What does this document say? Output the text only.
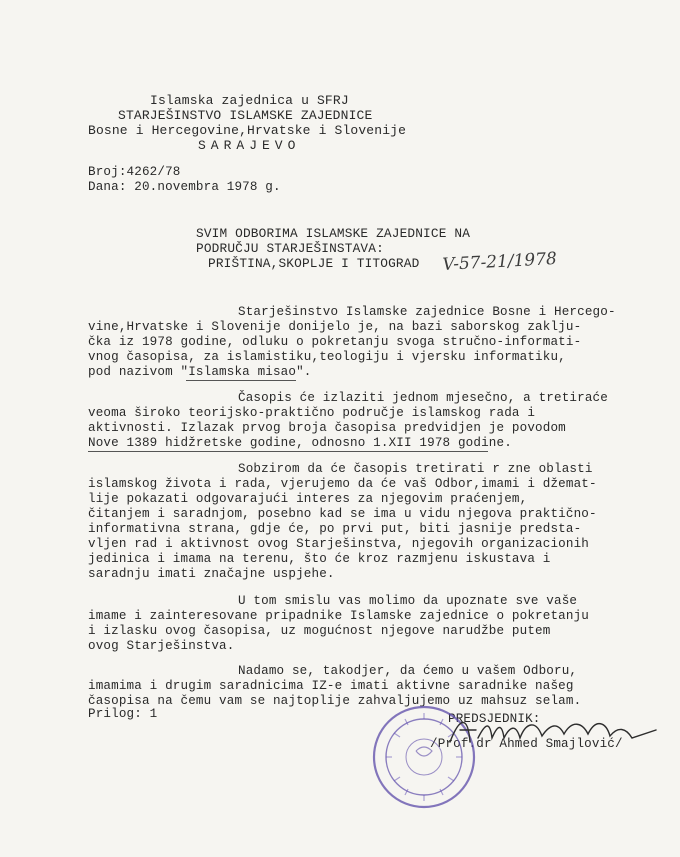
Islamska zajednica u SFRJ
STARJEŠINSTVO ISLAMSKE ZAJEDNICE
Bosne i Hercegovine,Hrvatske i Slovenije
SARAJEVO
Broj:4262/78
Dana: 20.novembra 1978 g.
SVIM ODBORIMA ISLAMSKE ZAJEDNICE NA
PODRUČJU STARJEŠINSTAVA:
PRIŠTINA,SKOPLJE I TITOGRAD V-57-21/1978
Starješinstvo Islamske zajednice Bosne i Hercego-
vine,Hrvatske i Slovenije donijelo je, na bazi saborskog zaklju-
čka iz 1978 godine, odluku o pokretanju svoga stručno-informati-
vnog časopisa, za islamistiku,teologiju i vjersku informatiku,
pod nazivom "Islamska misao".
Časopis će izlaziti jednom mjesečno, a tretiraće
veoma široko teorijsko-praktično područje islamskog rada i
aktivnosti. Izlazak prvog broja časopisa predvidjen je povodom
Nove 1389 hidžretske godine, odnosno 1.XII 1978 godine.
Sobzirom da će časopis tretirati r zne oblasti
islamskog života i rada, vjerujemo da će vaš Odbor,imami i džemat-
lije pokazati odgovarajući interes za njegovim praćenjem,
čitanjem i saradnjom, posebno kad se ima u vidu njegova praktično-
informativna strana, gdje će, po prvi put, biti jasnije predsta-
vljen rad i aktivnost ovog Starješinstva, njegovih organizacionih
jedinica i imama na terenu, što će kroz razmjenu iskustava i
saradnju imati značajne uspjehe.
U tom smislu vas molimo da upoznate sve vaše
imame i zainteresovane pripadnike Islamske zajednice o pokretanju
i izlasku ovog časopisa, uz mogućnost njegove narudžbe putem
ovog Starješinstva.
Nadamo se, takodjer, da ćemo u vašem Odboru,
imamima i drugim saradnicima IZ-e imati aktivne saradnike našeg
časopisa na čemu vam se najtoplije zahvaljujemo uz mahsuz selam.
Prilog: 1	PREDSJEDNIK:
/Prof.dr Ahmed Smajlović/
